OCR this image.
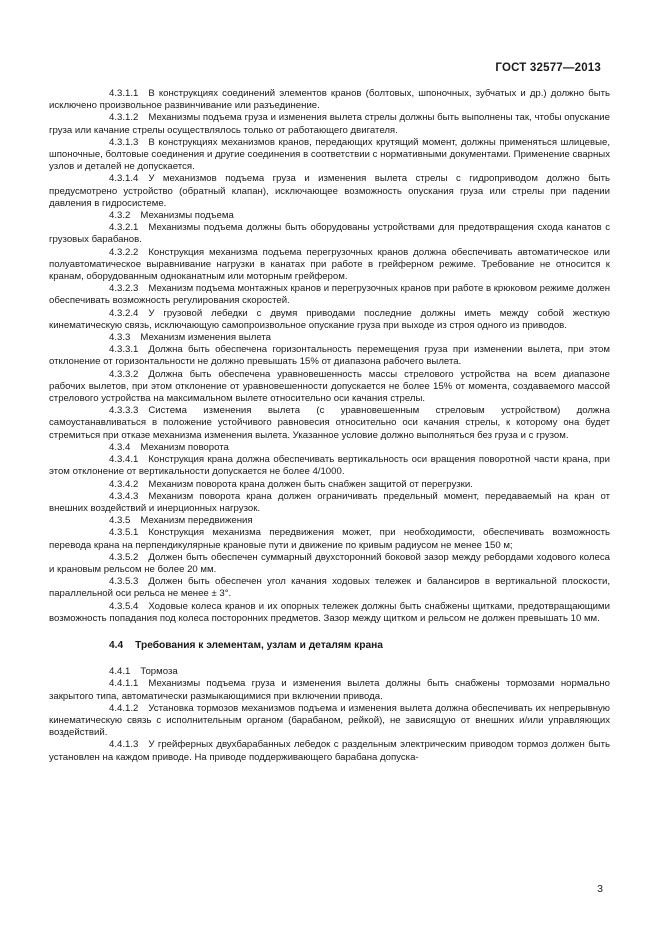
ГОСТ 32577—2013

4.3.1.1 В конструкциях соединений элементов кранов (болтовых, шпоночных, зубчатых и др.) должно быть исключено произвольное развинчивание или разъединение.

4.3.1.2 Механизмы подъема груза и изменения вылета стрелы должны быть выполнены так, чтобы опускание груза или качание стрелы осуществлялось только от работающего двигателя.

4.3.1.3 В конструкциях механизмов кранов, передающих крутящий момент, должны применяться шлицевые, шпоночные, болтовые соединения и другие соединения в соответствии с нормативными документами. Применение сварных узлов и деталей не допускается.

4.3.1.4 У механизмов подъема груза и изменения вылета стрелы с гидроприводом должно быть предусмотрено устройство (обратный клапан), исключающее возможность опускания груза или стрелы при падении давления в гидросистеме.

4.3.2 Механизмы подъема

4.3.2.1 Механизмы подъема должны быть оборудованы устройствами для предотвращения схода канатов с грузовых барабанов.

4.3.2.2 Конструкция механизма подъема перегрузочных кранов должна обеспечивать автоматическое или полуавтоматическое выравнивание нагрузки в канатах при работе в грейферном режиме. Требование не относится к кранам, оборудованным одноканатным или моторным грейфером.

4.3.2.3 Механизм подъема монтажных кранов и перегрузочных кранов при работе в крюковом режиме должен обеспечивать возможность регулирования скоростей.

4.3.2.4 У грузовой лебедки с двумя приводами последние должны иметь между собой жесткую кинематическую связь, исключающую самопроизвольное опускание груза при выходе из строя одного из приводов.

4.3.3 Механизм изменения вылета

4.3.3.1 Должна быть обеспечена горизонтальность перемещения груза при изменении вылета, при этом отклонение от горизонтальности не должно превышать 15% от диапазона рабочего вылета.

4.3.3.2 Должна быть обеспечена уравновешенность массы стрелового устройства на всем диапазоне рабочих вылетов, при этом отклонение от уравновешенности допускается не более 15% от момента, создаваемого массой стрелового устройства на максимальном вылете относительно оси качания стрелы.

4.3.3.3 Система изменения вылета (с уравновешенным стреловым устройством) должна самоустанавливаться в положение устойчивого равновесия относительно оси качания стрелы, к которому она будет стремиться при отказе механизма изменения вылета. Указанное условие должно выполняться без груза и с грузом.

4.3.4 Механизм поворота

4.3.4.1 Конструкция крана должна обеспечивать вертикальность оси вращения поворотной части крана, при этом отклонение от вертикальности допускается не более 4/1000.

4.3.4.2 Механизм поворота крана должен быть снабжен защитой от перегрузки.

4.3.4.3 Механизм поворота крана должен ограничивать предельный момент, передаваемый на кран от внешних воздействий и инерционных нагрузок.

4.3.5 Механизм передвижения

4.3.5.1 Конструкция механизма передвижения может, при необходимости, обеспечивать возможность перевода крана на перпендикулярные крановые пути и движение по кривым радиусом не менее 150 м;

4.3.5.2 Должен быть обеспечен суммарный двухсторонний боковой зазор между ребордами ходового колеса и крановым рельсом не более 20 мм.

4.3.5.3 Должен быть обеспечен угол качания ходовых тележек и балансиров в вертикальной плоскости, параллельной оси рельса не менее ± 3°.

4.3.5.4 Ходовые колеса кранов и их опорных тележек должны быть снабжены щитками, предотвращающими возможность попадания под колеса посторонних предметов. Зазор между щитком и рельсом не должен превышать 10 мм.

4.4 Требования к элементам, узлам и деталям крана

4.4.1 Тормоза

4.4.1.1 Механизмы подъема груза и изменения вылета должны быть снабжены тормозами нормально закрытого типа, автоматически размыкающимися при включении привода.

4.4.1.2 Установка тормозов механизмов подъема и изменения вылета должна обеспечивать их непрерывную кинематическую связь с исполнительным органом (барабаном, рейкой), не зависящую от внешних и/или управляющих воздействий.

4.4.1.3 У грейферных двухбарабанных лебедок с раздельным электрическим приводом тормоз должен быть установлен на каждом приводе. На приводе поддерживающего барабана допуска-

3
